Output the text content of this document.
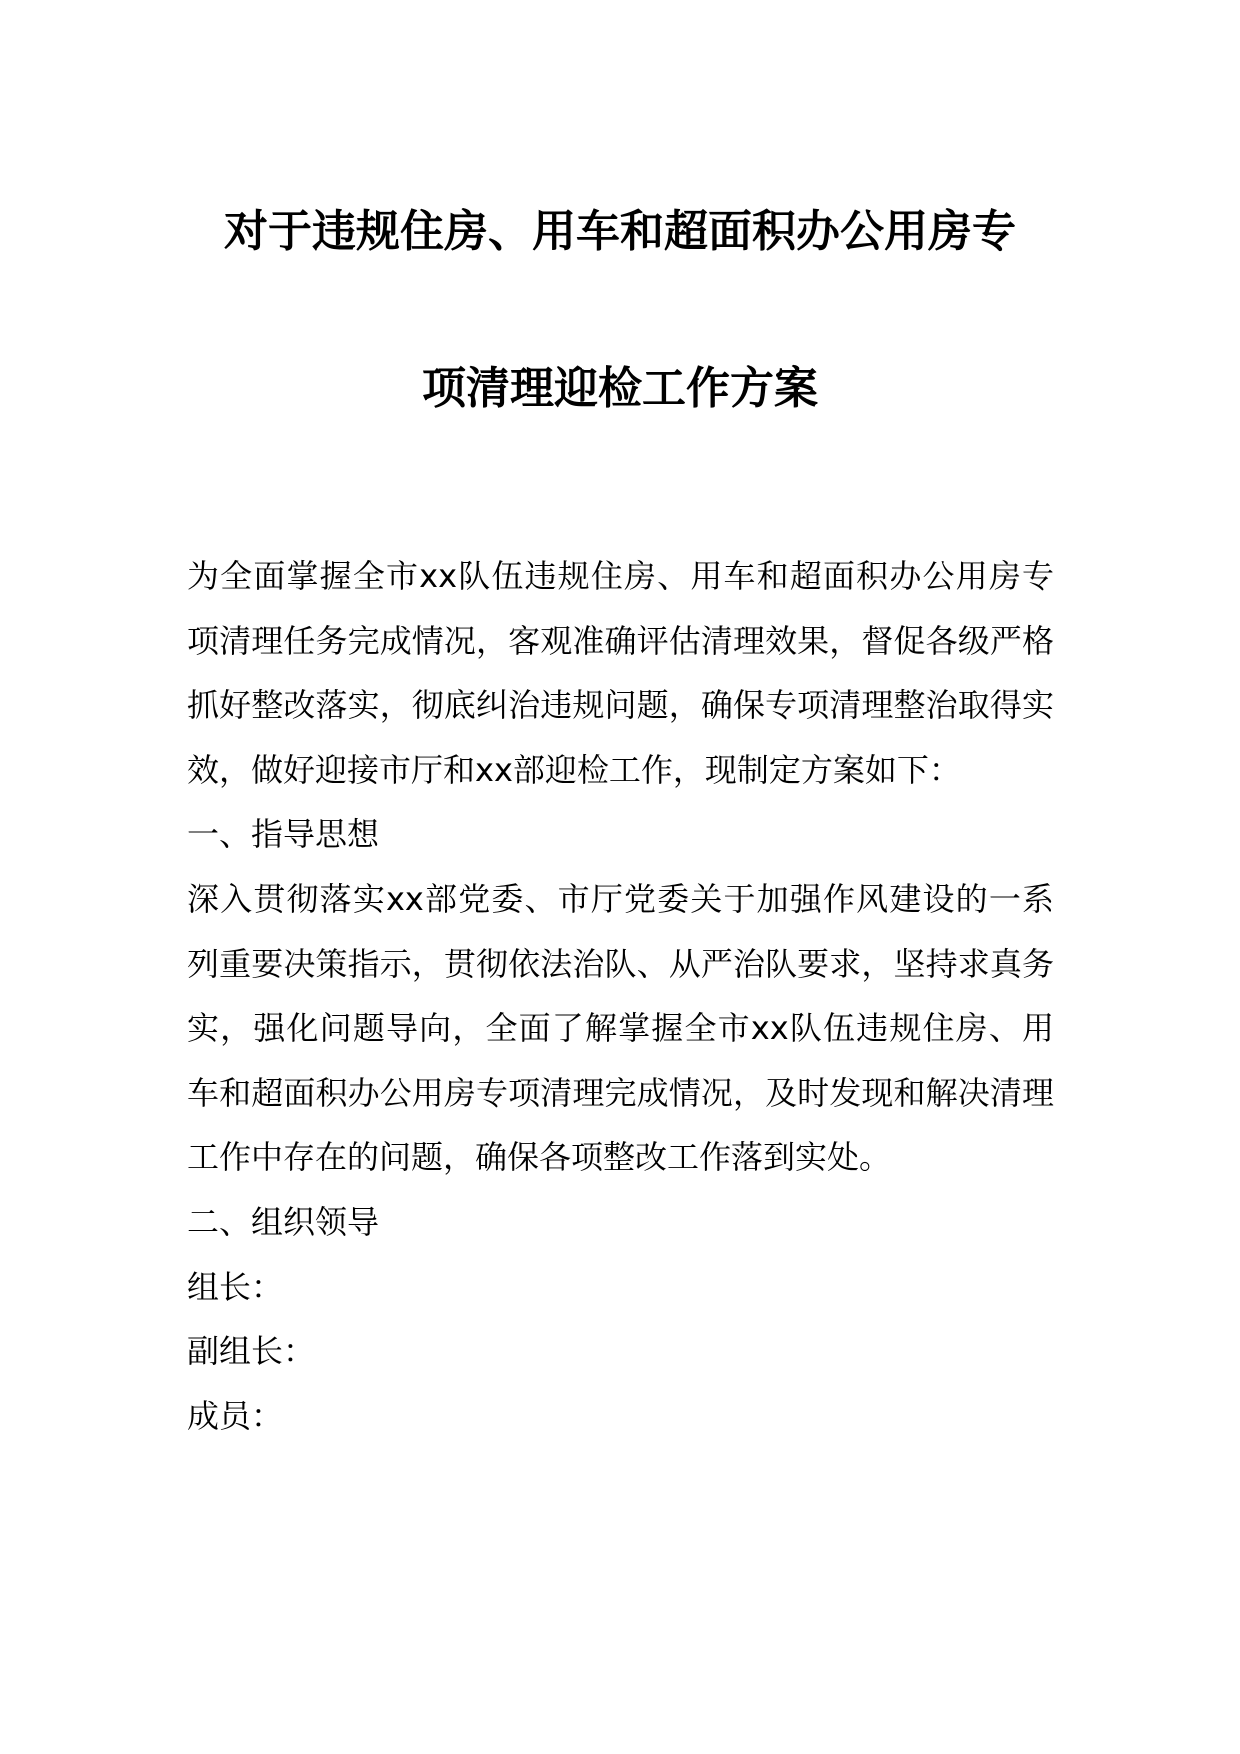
对于违规住房、用车和超面积办公用房专
项清理迎检工作方案

为全面掌握全市xx队伍违规住房、用车和超面积办公用房专项清理任务完成情况，客观准确评估清理效果，督促各级严格抓好整改落实，彻底纠治违规问题，确保专项清理整治取得实效，做好迎接市厅和xx部迎检工作，现制定方案如下：

一、指导思想

深入贯彻落实xx部党委、市厅党委关于加强作风建设的一系列重要决策指示，贯彻依法治队、从严治队要求，坚持求真务实，强化问题导向，全面了解掌握全市xx队伍违规住房、用车和超面积办公用房专项清理完成情况，及时发现和解决清理工作中存在的问题，确保各项整改工作落到实处。

二、组织领导

组长：

副组长：

成员：
